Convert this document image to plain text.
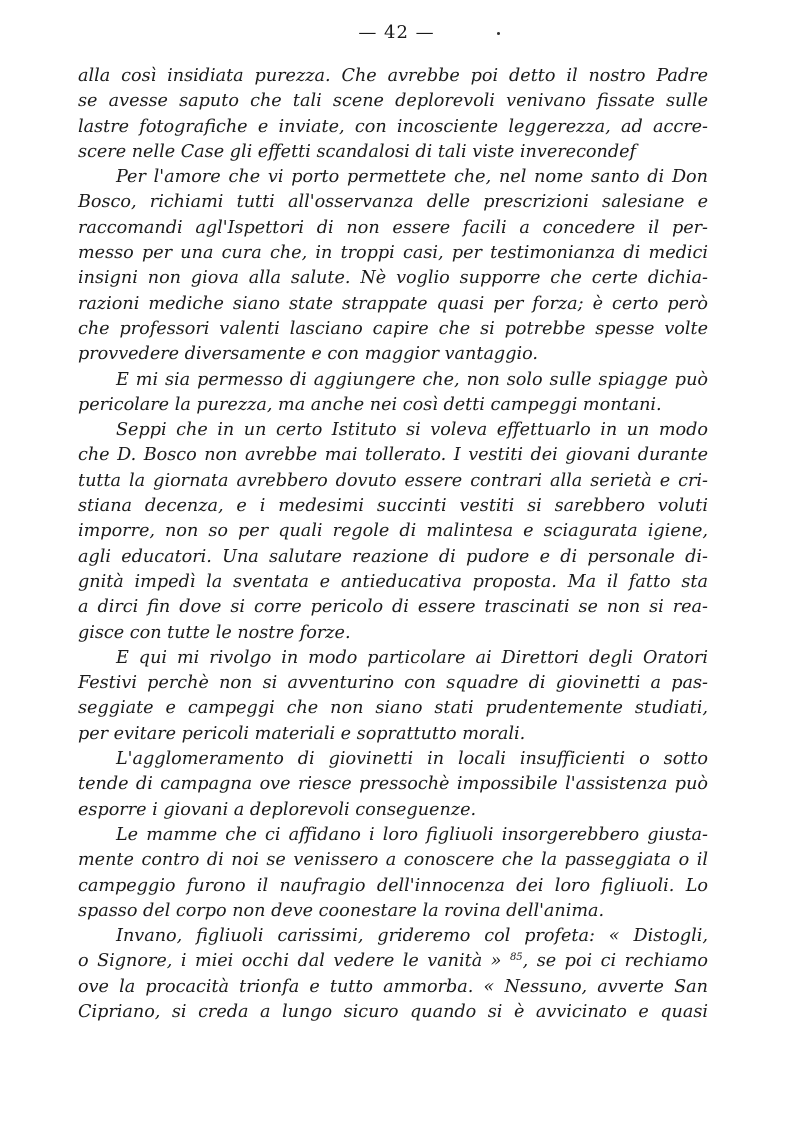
— 42 —
alla così insidiata purezza. Che avrebbe poi detto il nostro Padre
se avesse saputo che tali scene deplorevoli venivano fissate sulle
lastre fotografiche e inviate, con incosciente leggerezza, ad accre-
scere nelle Case gli effetti scandalosi di tali viste inverecondef
Per l'amore che vi porto permettete che, nel nome santo di Don
Bosco, richiami tutti all'osservanza delle prescrizioni salesiane e
raccomandi agl'Ispettori di non essere facili a concedere il per-
messo per una cura che, in troppi casi, per testimonianza di medici
insigni non giova alla salute. Nè voglio supporre che certe dichia-
razioni mediche siano state strappate quasi per forza; è certo però
che professori valenti lasciano capire che si potrebbe spesse volte
provvedere diversamente e con maggior vantaggio.
E mi sia permesso di aggiungere che, non solo sulle spiagge può
pericolare la purezza, ma anche nei così detti campeggi montani.
Seppi che in un certo Istituto si voleva effettuarlo in un modo
che D. Bosco non avrebbe mai tollerato. I vestiti dei giovani durante
tutta la giornata avrebbero dovuto essere contrari alla serietà e cri-
stiana decenza, e i medesimi succinti vestiti si sarebbero voluti
imporre, non so per quali regole di malintesa e sciagurata igiene,
agli educatori. Una salutare reazione di pudore e di personale di-
gnità impedì la sventata e antieducativa proposta. Ma il fatto sta
a dirci fin dove si corre pericolo di essere trascinati se non si rea-
gisce con tutte le nostre forze.
E qui mi rivolgo in modo particolare ai Direttori degli Oratori
Festivi perchè non si avventurino con squadre di giovinetti a pas-
seggiate e campeggi che non siano stati prudentemente studiati,
per evitare pericoli materiali e soprattutto morali.
L'agglomeramento di giovinetti in locali insufficienti o sotto
tende di campagna ove riesce pressochè impossibile l'assistenza può
esporre i giovani a deplorevoli conseguenze.
Le mamme che ci affidano i loro figliuoli insorgerebbero giusta-
mente contro di noi se venissero a conoscere che la passeggiata o il
campeggio furono il naufragio dell'innocenza dei loro figliuoli. Lo
spasso del corpo non deve coonestare la rovina dell'anima.
Invano, figliuoli carissimi, grideremo col profeta: « Distogli,
o Signore, i miei occhi dal vedere le vanità » $^{85}$, se poi ci rechiamo
ove la procacità trionfa e tutto ammorba. « Nessuno, avverte San
Cipriano, si creda a lungo sicuro quando si è avvicinato e quasi
